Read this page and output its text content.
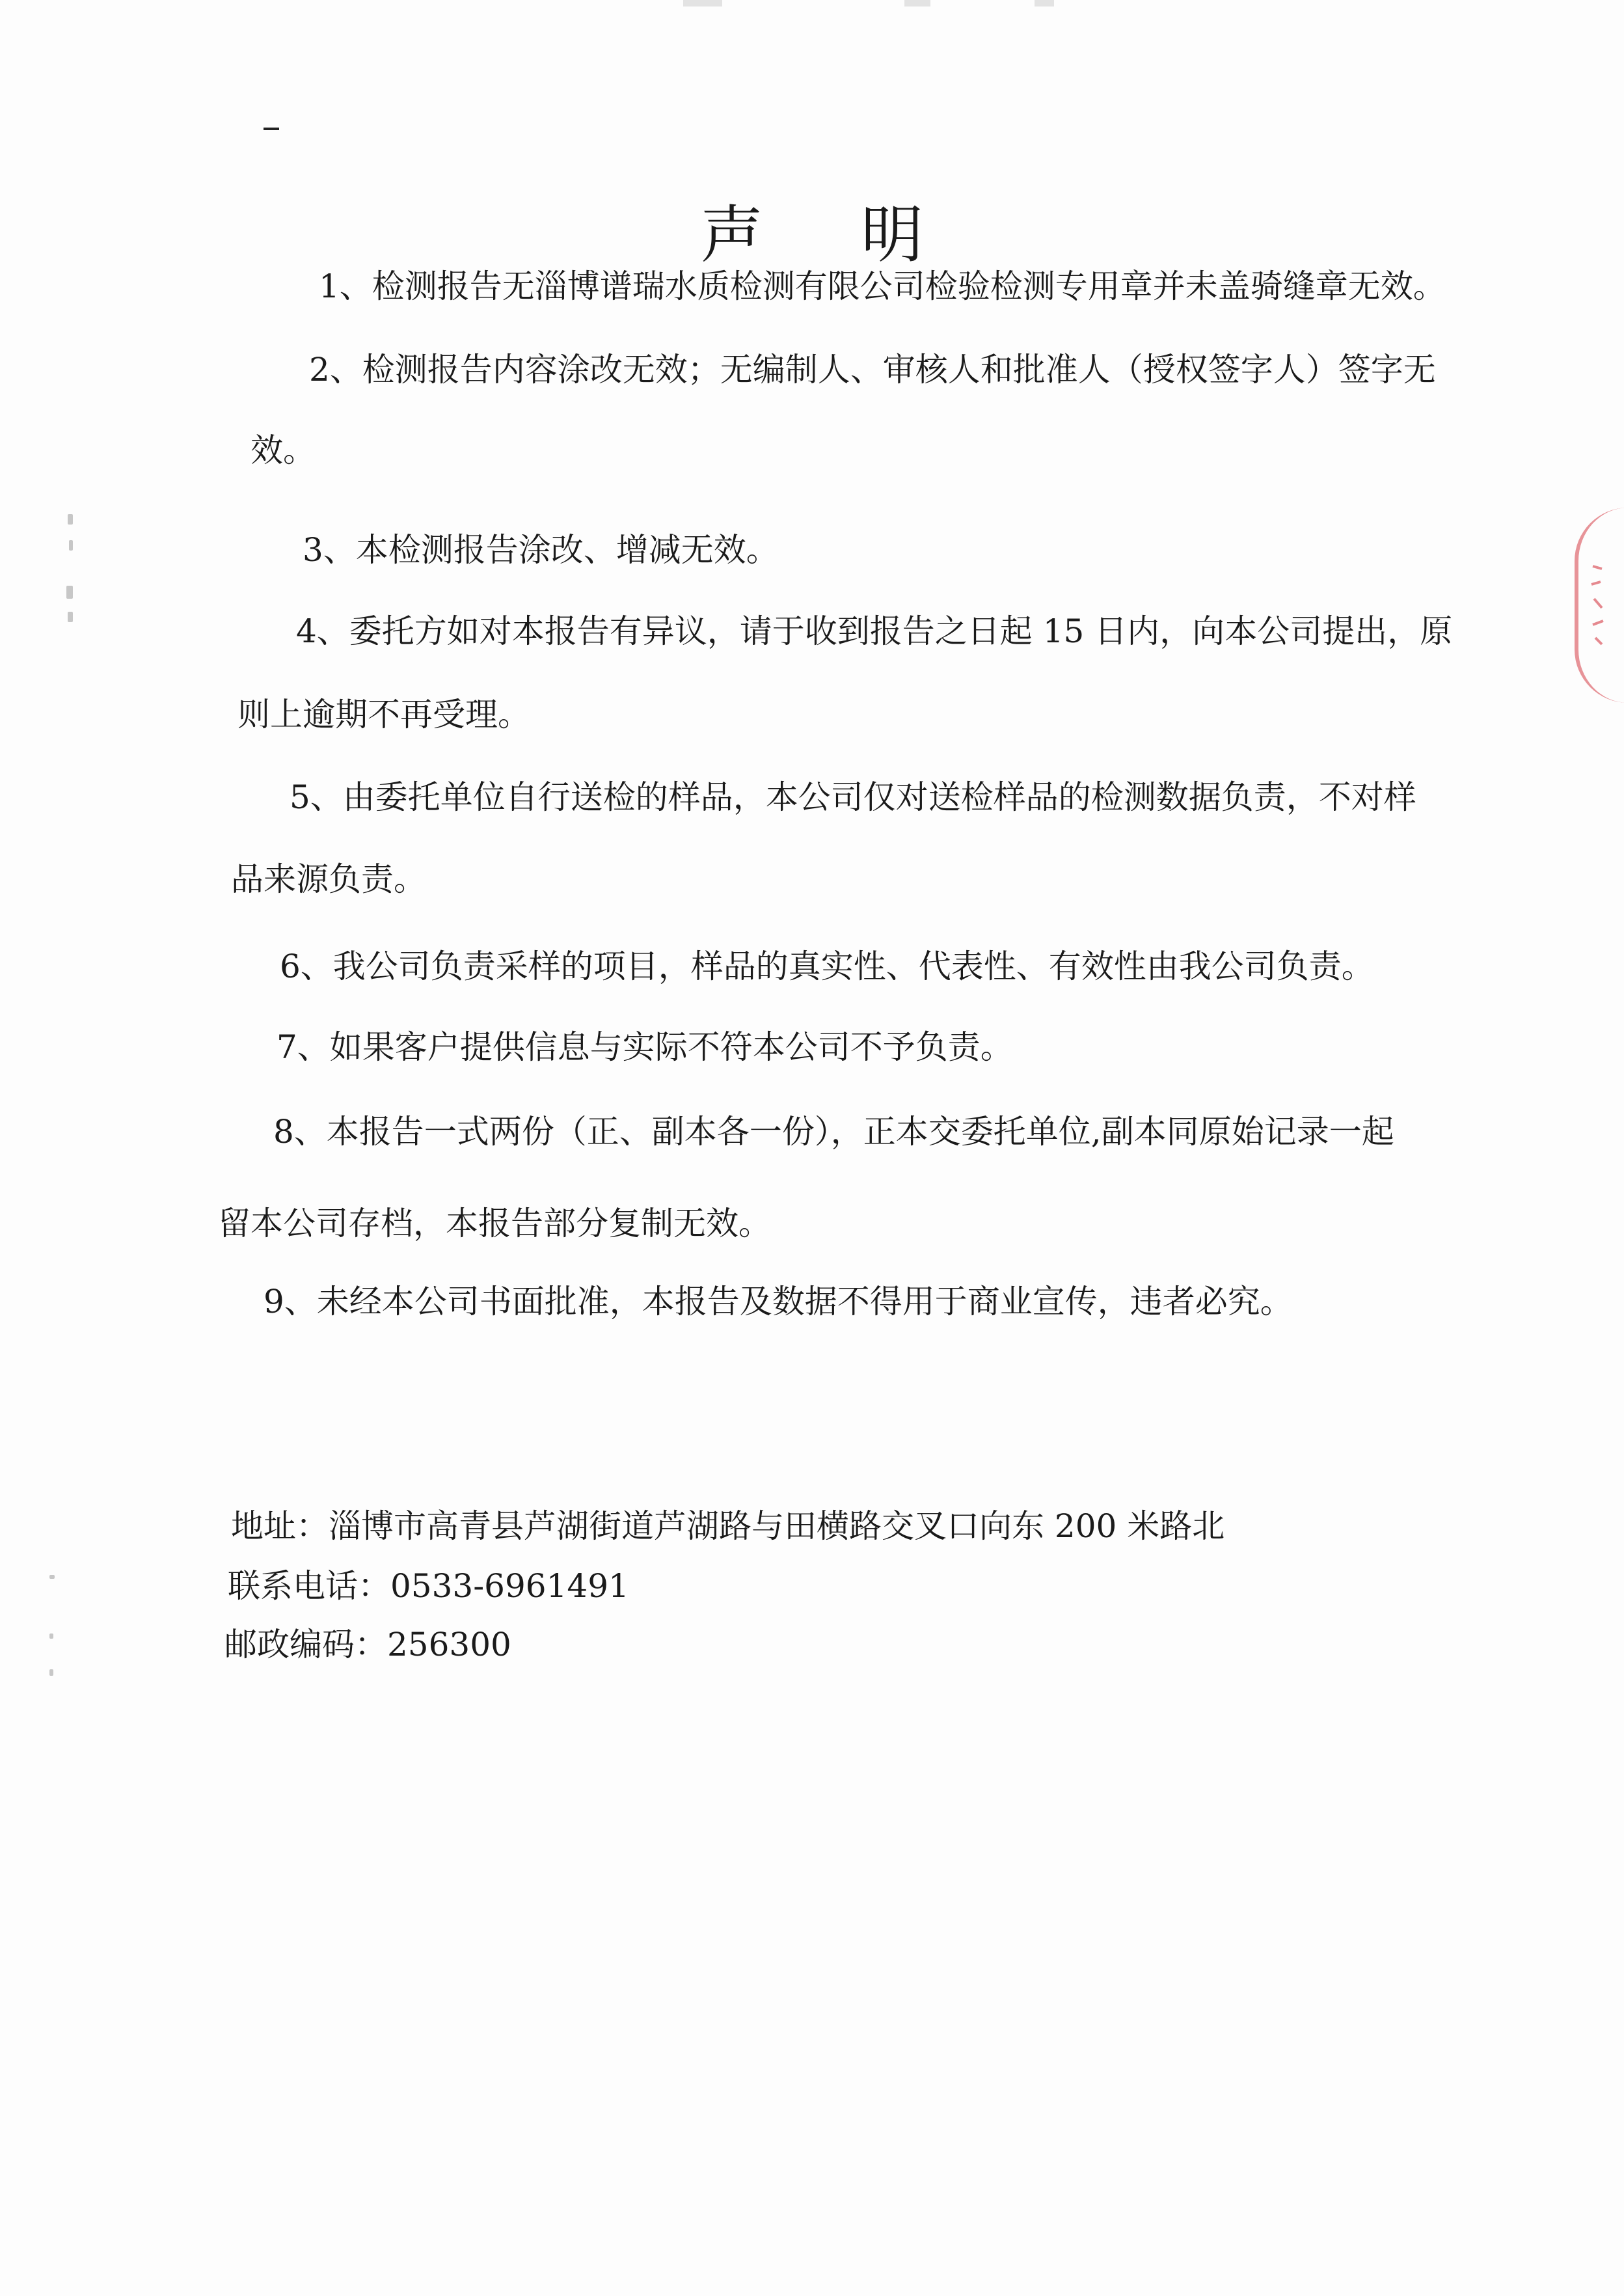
声 明
1、检测报告无淄博谱瑞水质检测有限公司检验检测专用章并未盖骑缝章无效。
2、检测报告内容涂改无效；无编制人、审核人和批准人（授权签字人）签字无
效。
3、本检测报告涂改、增减无效。
4、委托方如对本报告有异议，请于收到报告之日起 15 日内，向本公司提出，原
则上逾期不再受理。
5、由委托单位自行送检的样品，本公司仅对送检样品的检测数据负责，不对样
品来源负责。
6、我公司负责采样的项目，样品的真实性、代表性、有效性由我公司负责。
7、如果客户提供信息与实际不符本公司不予负责。
8、本报告一式两份（正、副本各一份），正本交委托单位,副本同原始记录一起
留本公司存档，本报告部分复制无效。
9、未经本公司书面批准，本报告及数据不得用于商业宣传，违者必究。
地址：淄博市高青县芦湖街道芦湖路与田横路交叉口向东 200 米路北
联系电话：0533-6961491
邮政编码：256300
